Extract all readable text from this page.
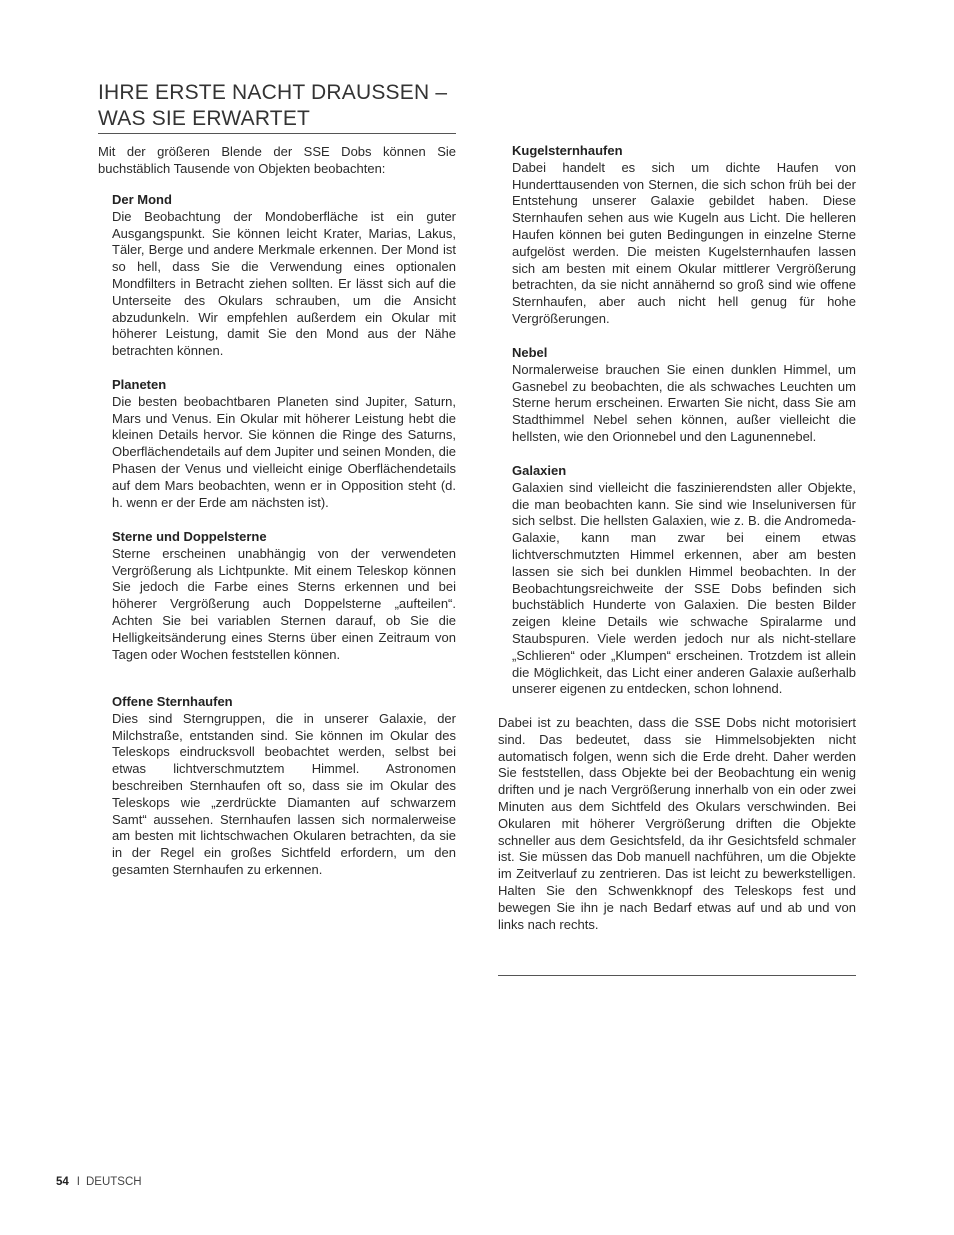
IHRE ERSTE NACHT DRAUSSEN –
WAS SIE ERWARTET

Mit der größeren Blende der SSE Dobs können Sie buchstäblich Tausende von Objekten beobachten:

Der Mond

Die Beobachtung der Mondoberfläche ist ein guter Ausgangspunkt. Sie können leicht Krater, Marias, Lakus, Täler, Berge und andere Merkmale erkennen. Der Mond ist so hell, dass Sie die Verwendung eines optionalen Mondfilters in Betracht ziehen sollten. Er lässt sich auf die Unterseite des Okulars schrauben, um die Ansicht abzudunkeln. Wir empfehlen außerdem ein Okular mit höherer Leistung, damit Sie den Mond aus der Nähe betrachten können.

Planeten

Die besten beobachtbaren Planeten sind Jupiter, Saturn, Mars und Venus. Ein Okular mit höherer Leistung hebt die kleinen Details hervor. Sie können die Ringe des Saturns, Oberflächendetails auf dem Jupiter und seinen Monden, die Phasen der Venus und vielleicht einige Oberflächendetails auf dem Mars beobachten, wenn er in Opposition steht (d. h. wenn er der Erde am nächsten ist).

Sterne und Doppelsterne

Sterne erscheinen unabhängig von der verwendeten Vergrößerung als Lichtpunkte. Mit einem Teleskop können Sie jedoch die Farbe eines Sterns erkennen und bei höherer Vergrößerung auch Doppelsterne „aufteilen“. Achten Sie bei variablen Sternen darauf, ob Sie die Helligkeitsänderung eines Sterns über einen Zeitraum von Tagen oder Wochen feststellen können.

Offene Sternhaufen

Dies sind Sterngruppen, die in unserer Galaxie, der Milchstraße, entstanden sind. Sie können im Okular des Teleskops eindrucksvoll beobachtet werden, selbst bei etwas lichtverschmutztem Himmel. Astronomen beschreiben Sternhaufen oft so, dass sie im Okular des Teleskops wie „zerdrückte Diamanten auf schwarzem Samt“ aussehen. Sternhaufen lassen sich normalerweise am besten mit lichtschwachen Okularen betrachten, da sie in der Regel ein großes Sichtfeld erfordern, um den gesamten Sternhaufen zu erkennen.

Kugelsternhaufen

Dabei handelt es sich um dichte Haufen von Hunderttausenden von Sternen, die sich schon früh bei der Entstehung unserer Galaxie gebildet haben. Diese Sternhaufen sehen aus wie Kugeln aus Licht. Die helleren Haufen können bei guten Bedingungen in einzelne Sterne aufgelöst werden. Die meisten Kugelsternhaufen lassen sich am besten mit einem Okular mittlerer Vergrößerung betrachten, da sie nicht annähernd so groß sind wie offene Sternhaufen, aber auch nicht hell genug für hohe Vergrößerungen.

Nebel

Normalerweise brauchen Sie einen dunklen Himmel, um Gasnebel zu beobachten, die als schwaches Leuchten um Sterne herum erscheinen. Erwarten Sie nicht, dass Sie am Stadthimmel Nebel sehen können, außer vielleicht die hellsten, wie den Orionnebel und den Lagunennebel.

Galaxien

Galaxien sind vielleicht die faszinierendsten aller Objekte, die man beobachten kann. Sie sind wie Inseluniversen für sich selbst. Die hellsten Galaxien, wie z. B. die Andromeda-Galaxie, kann man zwar bei einem etwas lichtverschmutzten Himmel erkennen, aber am besten lassen sie sich bei dunklen Himmel beobachten. In der Beobachtungsreichweite der SSE Dobs befinden sich buchstäblich Hunderte von Galaxien. Die besten Bilder zeigen kleine Details wie schwache Spiralarme und Staubspuren. Viele werden jedoch nur als nicht-stellare „Schlieren“ oder „Klumpen“ erscheinen. Trotzdem ist allein die Möglichkeit, das Licht einer anderen Galaxie außerhalb unserer eigenen zu entdecken, schon lohnend.

Dabei ist zu beachten, dass die SSE Dobs nicht motorisiert sind. Das bedeutet, dass sie Himmelsobjekten nicht automatisch folgen, wenn sich die Erde dreht. Daher werden Sie feststellen, dass Objekte bei der Beobachtung ein wenig driften und je nach Vergrößerung innerhalb von ein oder zwei Minuten aus dem Sichtfeld des Okulars verschwinden. Bei Okularen mit höherer Vergrößerung driften die Objekte schneller aus dem Gesichtsfeld, da ihr Gesichtsfeld schmaler ist. Sie müssen das Dob manuell nachführen, um die Objekte im Zeitverlauf zu zentrieren. Das ist leicht zu bewerkstelligen. Halten Sie den Schwenkknopf des Teleskops fest und bewegen Sie ihn je nach Bedarf etwas auf und ab und von links nach rechts.

54 I DEUTSCH
